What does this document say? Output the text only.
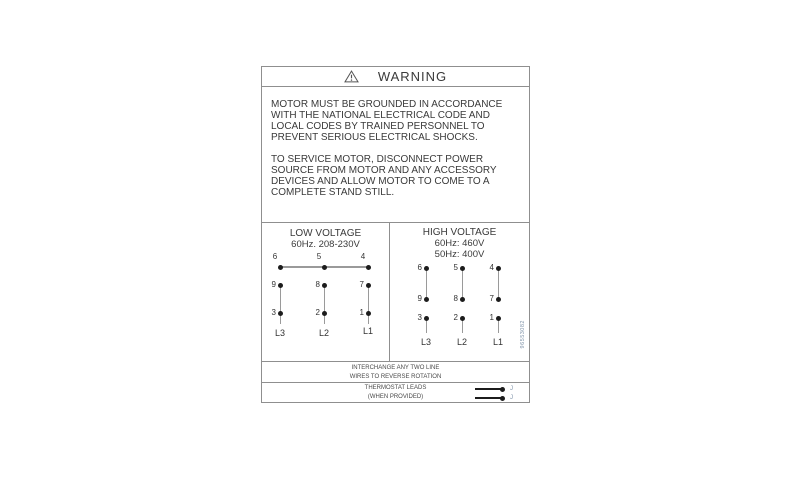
WARNING
MOTOR MUST BE GROUNDED IN ACCORDANCE
WITH THE NATIONAL ELECTRICAL CODE AND
LOCAL CODES BY TRAINED PERSONNEL TO
PREVENT SERIOUS ELECTRICAL SHOCKS.
TO SERVICE MOTOR, DISCONNECT POWER
SOURCE FROM MOTOR AND ANY ACCESSORY
DEVICES AND ALLOW MOTOR TO COME TO A
COMPLETE STAND STILL.
LOW VOLTAGE
60Hz. 208-230V
6	5	4
9	8	7
3	2	1
L3	L2	L1
HIGH VOLTAGE
60Hz: 460V
50Hz: 400V
6	5	4
9	8	7
3	2	1
L3	L2	L1	96553082
INTERCHANGE ANY TWO LINE
WIRES TO REVERSE ROTATION
THERMOSTAT LEADS	J
(WHEN PROVIDED)	J
